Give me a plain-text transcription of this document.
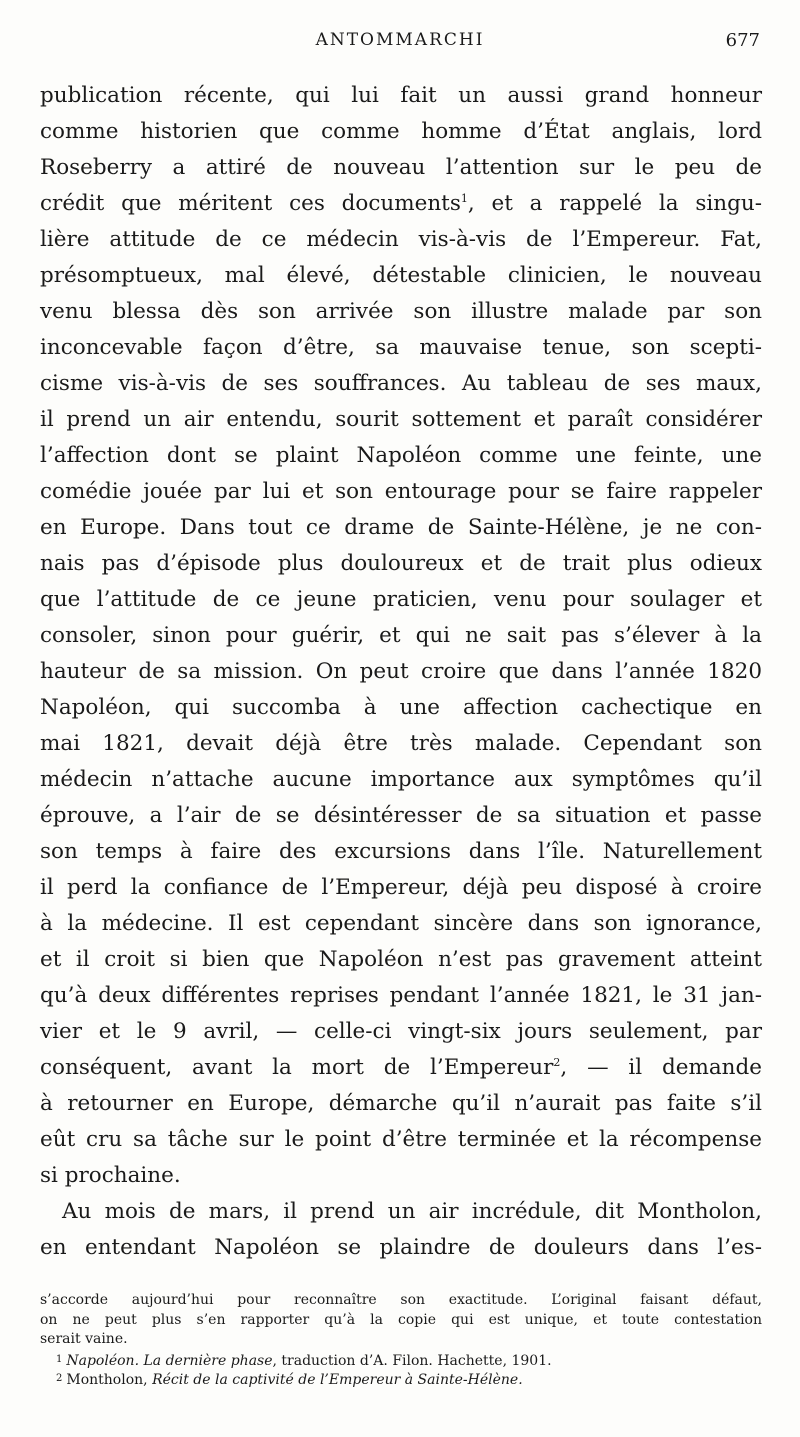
ANTOMMARCHI	677
publication récente, qui lui fait un aussi grand honneur
comme historien que comme homme d’État anglais, lord
Roseberry a attiré de nouveau l’attention sur le peu de
crédit que méritent ces documents$^1$, et a rappelé la singu-
lière attitude de ce médecin vis-à-vis de l’Empereur. Fat,
présomptueux, mal élevé, détestable clinicien, le nouveau
venu blessa dès son arrivée son illustre malade par son
inconcevable façon d’être, sa mauvaise tenue, son scepti-
cisme vis-à-vis de ses souffrances. Au tableau de ses maux,
il prend un air entendu, sourit sottement et paraît considérer
l’affection dont se plaint Napoléon comme une feinte, une
comédie jouée par lui et son entourage pour se faire rappeler
en Europe. Dans tout ce drame de Sainte-Hélène, je ne con-
nais pas d’épisode plus douloureux et de trait plus odieux
que l’attitude de ce jeune praticien, venu pour soulager et
consoler, sinon pour guérir, et qui ne sait pas s’élever à la
hauteur de sa mission. On peut croire que dans l’année 1820
Napoléon, qui succomba à une affection cachectique en
mai 1821, devait déjà être très malade. Cependant son
médecin n’attache aucune importance aux symptômes qu’il
éprouve, a l’air de se désintéresser de sa situation et passe
son temps à faire des excursions dans l’île. Naturellement
il perd la confiance de l’Empereur, déjà peu disposé à croire
à la médecine. Il est cependant sincère dans son ignorance,
et il croit si bien que Napoléon n’est pas gravement atteint
qu’à deux différentes reprises pendant l’année 1821, le 31 jan-
vier et le 9 avril, — celle-ci vingt-six jours seulement, par
conséquent, avant la mort de l’Empereur$^2$, — il demande
à retourner en Europe, démarche qu’il n’aurait pas faite s’il
eût cru sa tâche sur le point d’être terminée et la récompense
si prochaine.
Au mois de mars, il prend un air incrédule, dit Montholon,
en entendant Napoléon se plaindre de douleurs dans l’es-
s’accorde aujourd’hui pour reconnaître son exactitude. L’original faisant défaut,
on ne peut plus s’en rapporter qu’à la copie qui est unique, et toute contestation
serait vaine.
$^1$ Napoléon. La dernière phase, traduction d’A. Filon. Hachette, 1901.
$^2$ Montholon, Récit de la captivité de l’Empereur à Sainte-Hélène.
